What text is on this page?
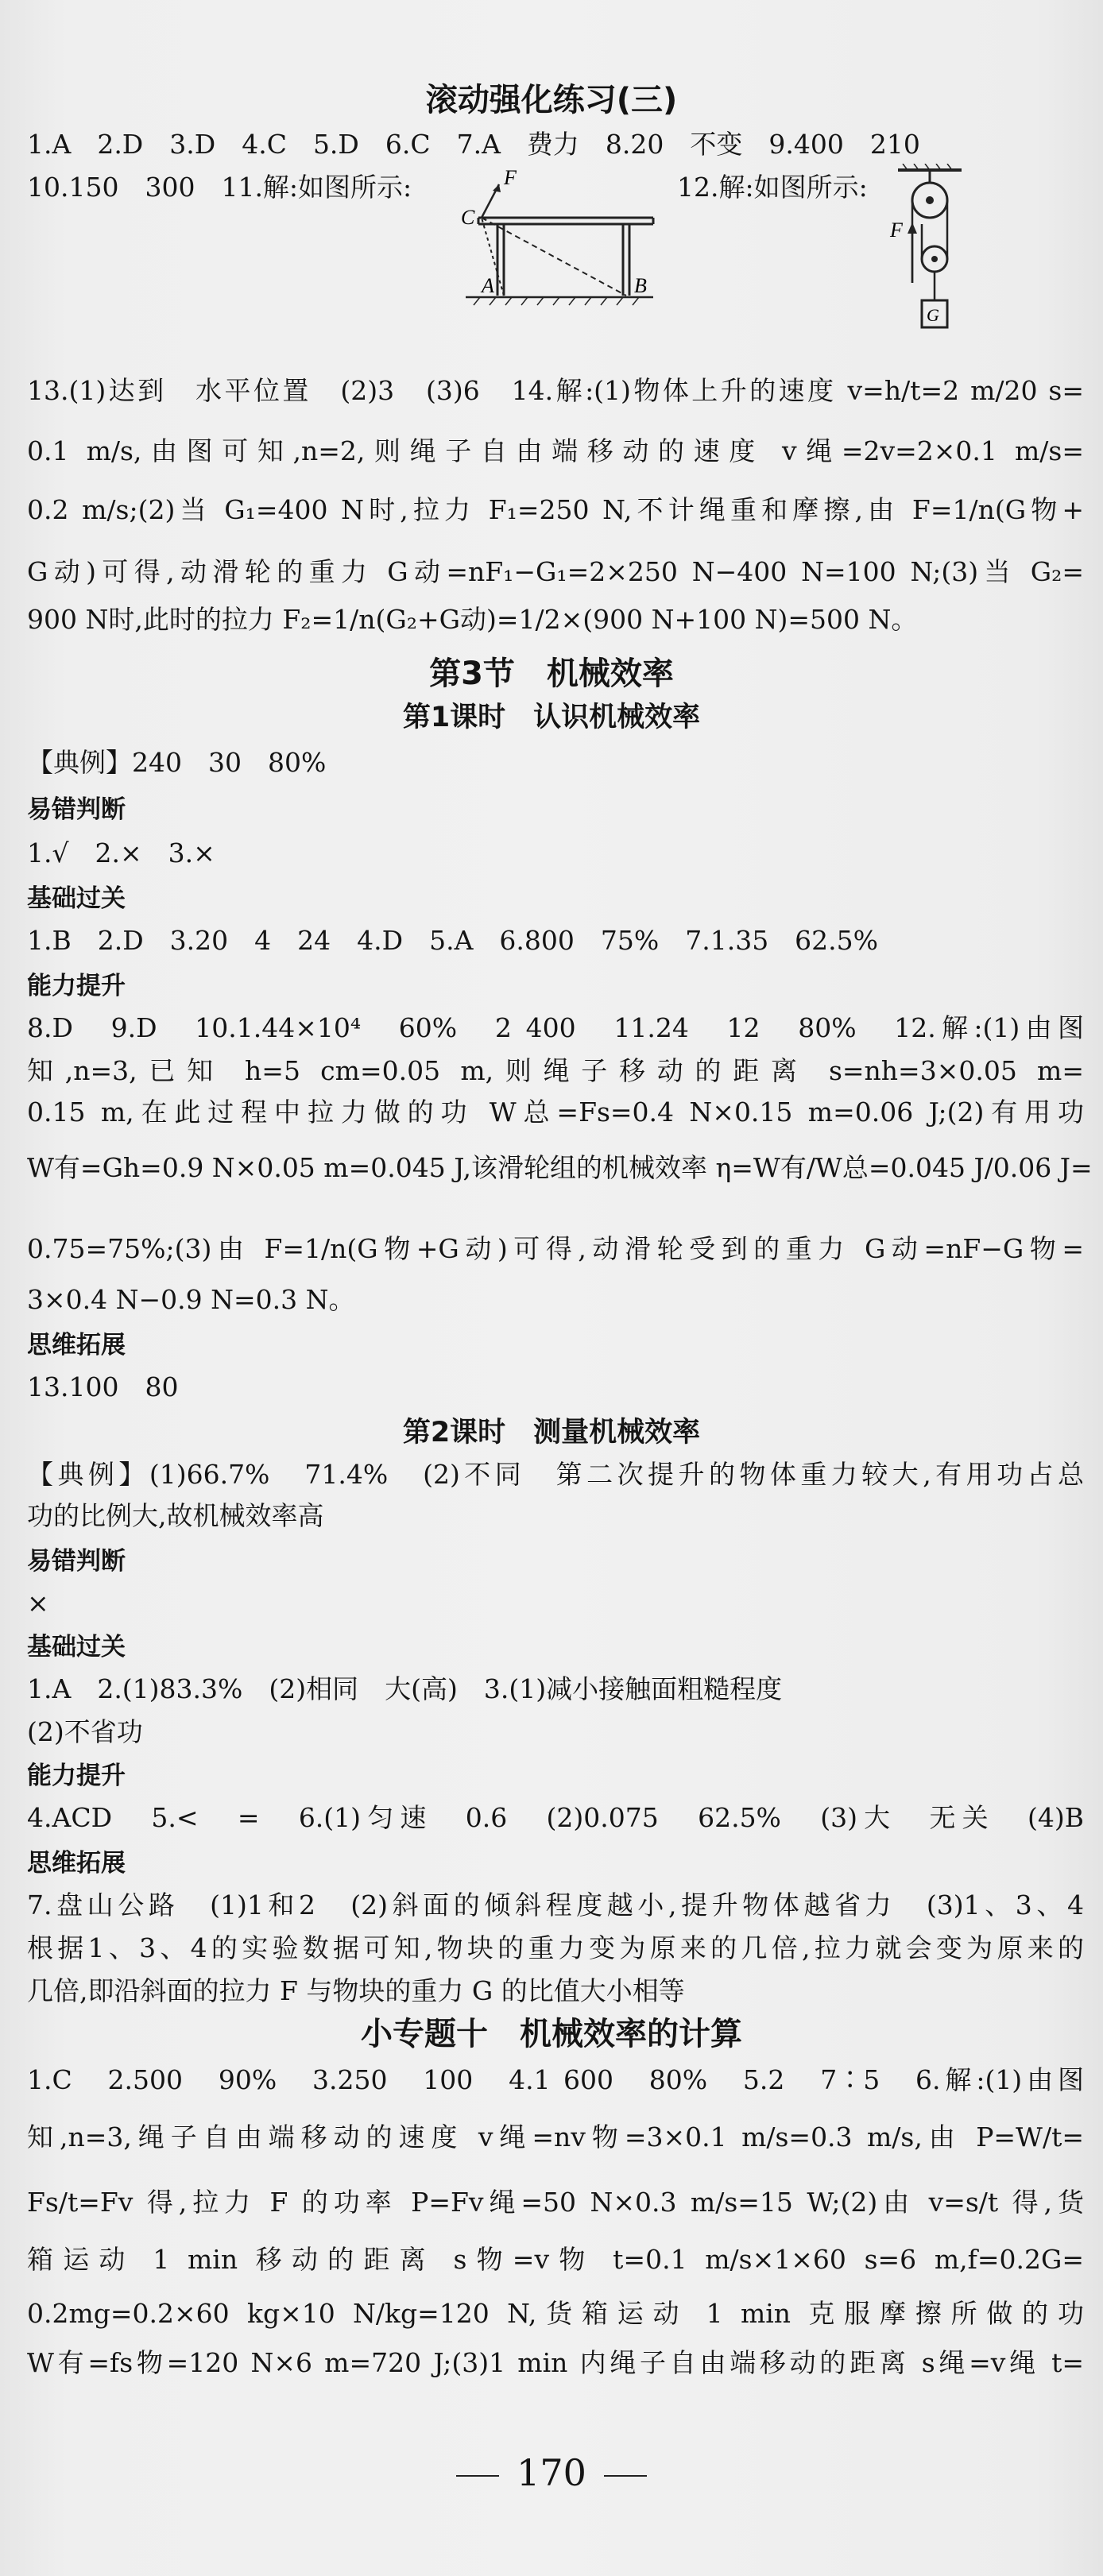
滚动强化练习(三)
1.A　2.D　3.D　4.C　5.D　6.C　7.A　费力　8.20　不变　9.400　210
10.150　300　11.解:如图所示:	12.解:如图所示:
C
F
A	B
F
G
13.(1)达到　水平位置　(2)3　(3)6　14.解:(1)物体上升的速度 v=h/t=2 m/20 s=
0.1 m/s,由图可知,n=2,则绳子自由端移动的速度 v绳=2v=2×0.1 m/s=
0.2 m/s;(2)当 G₁=400 N时,拉力 F₁=250 N,不计绳重和摩擦,由 F=1/n(G物+
G动)可得,动滑轮的重力 G动=nF₁−G₁=2×250 N−400 N=100 N;(3)当 G₂=
900 N时,此时的拉力 F₂=1/n(G₂+G动)=1/2×(900 N+100 N)=500 N。
第3节　机械效率
第1课时　认识机械效率
【典例】240　30　80%
易错判断
1.√　2.×　3.×
基础过关
1.B　2.D　3.20　4　24　4.D　5.A　6.800　75%　7.1.35　62.5%
能力提升
8.D　9.D　10.1.44×10⁴　60%　2 400　11.24　12　80%　12.解:(1)由图
知,n=3,已知 h=5 cm=0.05 m,则绳子移动的距离 s=nh=3×0.05 m=
0.15 m,在此过程中拉力做的功 W总=Fs=0.4 N×0.15 m=0.06 J;(2)有用功
W有=Gh=0.9 N×0.05 m=0.045 J,该滑轮组的机械效率 η=W有/W总=0.045 J/0.06 J=
0.75=75%;(3)由 F=1/n(G物+G动)可得,动滑轮受到的重力 G动=nF−G物=
3×0.4 N−0.9 N=0.3 N。
思维拓展
13.100　80
第2课时　测量机械效率
【典例】(1)66.7%　71.4%　(2)不同　第二次提升的物体重力较大,有用功占总
功的比例大,故机械效率高
易错判断
×
基础过关
1.A　2.(1)83.3%　(2)相同　大(高)　3.(1)减小接触面粗糙程度
(2)不省功
能力提升
4.ACD　5.<　=　6.(1)匀速　0.6　(2)0.075　62.5%　(3)大　无关　(4)B
思维拓展
7.盘山公路　(1)1和2　(2)斜面的倾斜程度越小,提升物体越省力　(3)1、3、4
根据1、3、4的实验数据可知,物块的重力变为原来的几倍,拉力就会变为原来的
几倍,即沿斜面的拉力 F 与物块的重力 G 的比值大小相等
小专题十　机械效率的计算
1.C　2.500　90%　3.250　100　4.1 600　80%　5.2　7∶5　6.解:(1)由图
知,n=3,绳子自由端移动的速度 v绳=nv物=3×0.1 m/s=0.3 m/s,由 P=W/t=
Fs/t=Fv 得,拉力 F 的功率 P=Fv绳=50 N×0.3 m/s=15 W;(2)由 v=s/t 得,货
箱运动 1 min 移动的距离 s物=v物 t=0.1 m/s×1×60 s=6 m,f=0.2G=
0.2mg=0.2×60 kg×10 N/kg=120 N,货箱运动 1 min 克服摩擦所做的功
W有=fs物=120 N×6 m=720 J;(3)1 min 内绳子自由端移动的距离 s绳=v绳 t=
170
